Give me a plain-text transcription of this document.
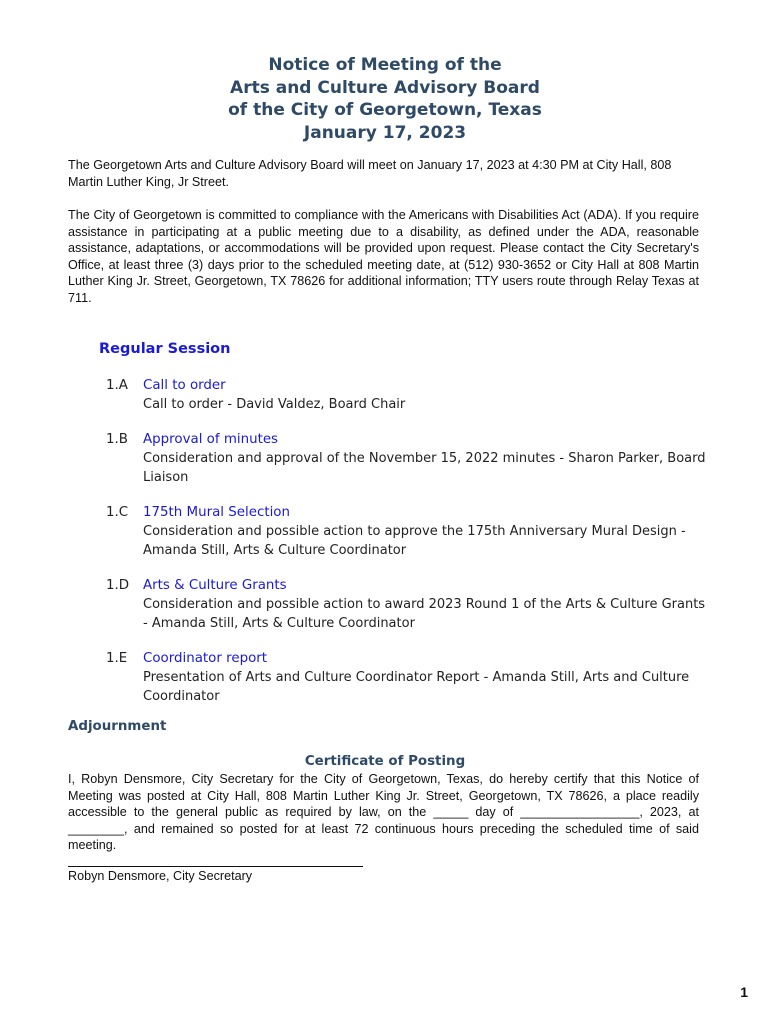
Notice of Meeting of the
Arts and Culture Advisory Board
of the City of Georgetown, Texas
January 17, 2023

The Georgetown Arts and Culture Advisory Board will meet on January 17, 2023 at 4:30 PM at City Hall, 808 Martin Luther King, Jr Street.

The City of Georgetown is committed to compliance with the Americans with Disabilities Act (ADA). If you require assistance in participating at a public meeting due to a disability, as defined under the ADA, reasonable assistance, adaptations, or accommodations will be provided upon request. Please contact the City Secretary's Office, at least three (3) days prior to the scheduled meeting date, at (512) 930-3652 or City Hall at 808 Martin Luther King Jr. Street, Georgetown, TX 78626 for additional information; TTY users route through Relay Texas at 711.

Regular Session
1.A Call to order
Call to order - David Valdez, Board Chair
1.B Approval of minutes
Consideration and approval of the November 15, 2022 minutes - Sharon Parker, Board Liaison
1.C 175th Mural Selection
Consideration and possible action to approve the 175th Anniversary Mural Design - Amanda Still, Arts & Culture Coordinator
1.D Arts & Culture Grants
Consideration and possible action to award 2023 Round 1 of the Arts & Culture Grants - Amanda Still, Arts & Culture Coordinator
1.E Coordinator report
Presentation of Arts and Culture Coordinator Report - Amanda Still, Arts and Culture Coordinator
Adjournment
Certificate of Posting

I, Robyn Densmore, City Secretary for the City of Georgetown, Texas, do hereby certify that this Notice of Meeting was posted at City Hall, 808 Martin Luther King Jr. Street, Georgetown, TX 78626, a place readily accessible to the general public as required by law, on the _____ day of _________________, 2023, at ________, and remained so posted for at least 72 continuous hours preceding the scheduled time of said meeting.

Robyn Densmore, City Secretary
1
